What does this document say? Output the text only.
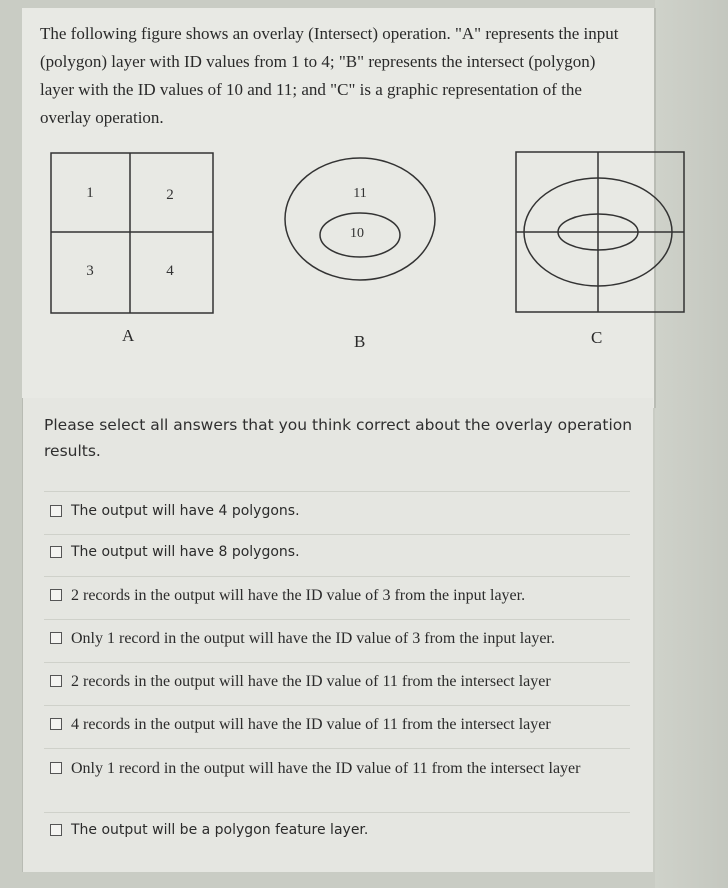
The following figure shows an overlay (Intersect) operation. "A" represents the input (polygon) layer with ID values from 1 to 4; "B" represents the intersect (polygon) layer with the ID values of 10 and 11; and "C" is a graphic representation of the overlay operation.
1	2
3	4
A
11
10
B	C
Please select all answers that you think correct about the overlay operation results.
The output will have 4 polygons.
The output will have 8 polygons.
2 records in the output will have the ID value of 3 from the input layer.
Only 1 record in the output will have the ID value of 3 from the input layer.
2 records in the output will have the ID value of 11 from the intersect layer
4 records in the output will have the ID value of 11 from the intersect layer
Only 1 record in the output will have the ID value of 11 from the intersect layer
The output will be a polygon feature layer.
